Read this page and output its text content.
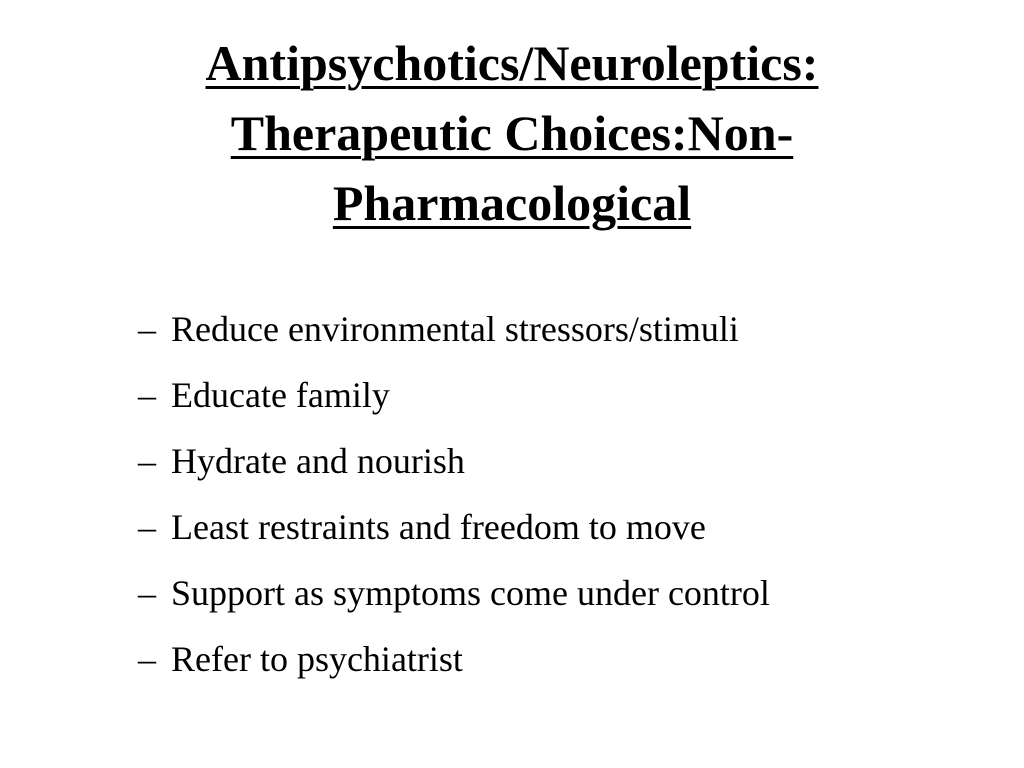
Antipsychotics/Neuroleptics:
Therapeutic Choices:Non-
Pharmacological
– Reduce environmental stressors/stimuli
– Educate family
– Hydrate and nourish
– Least restraints and freedom to move
– Support as symptoms come under control
– Refer to psychiatrist
